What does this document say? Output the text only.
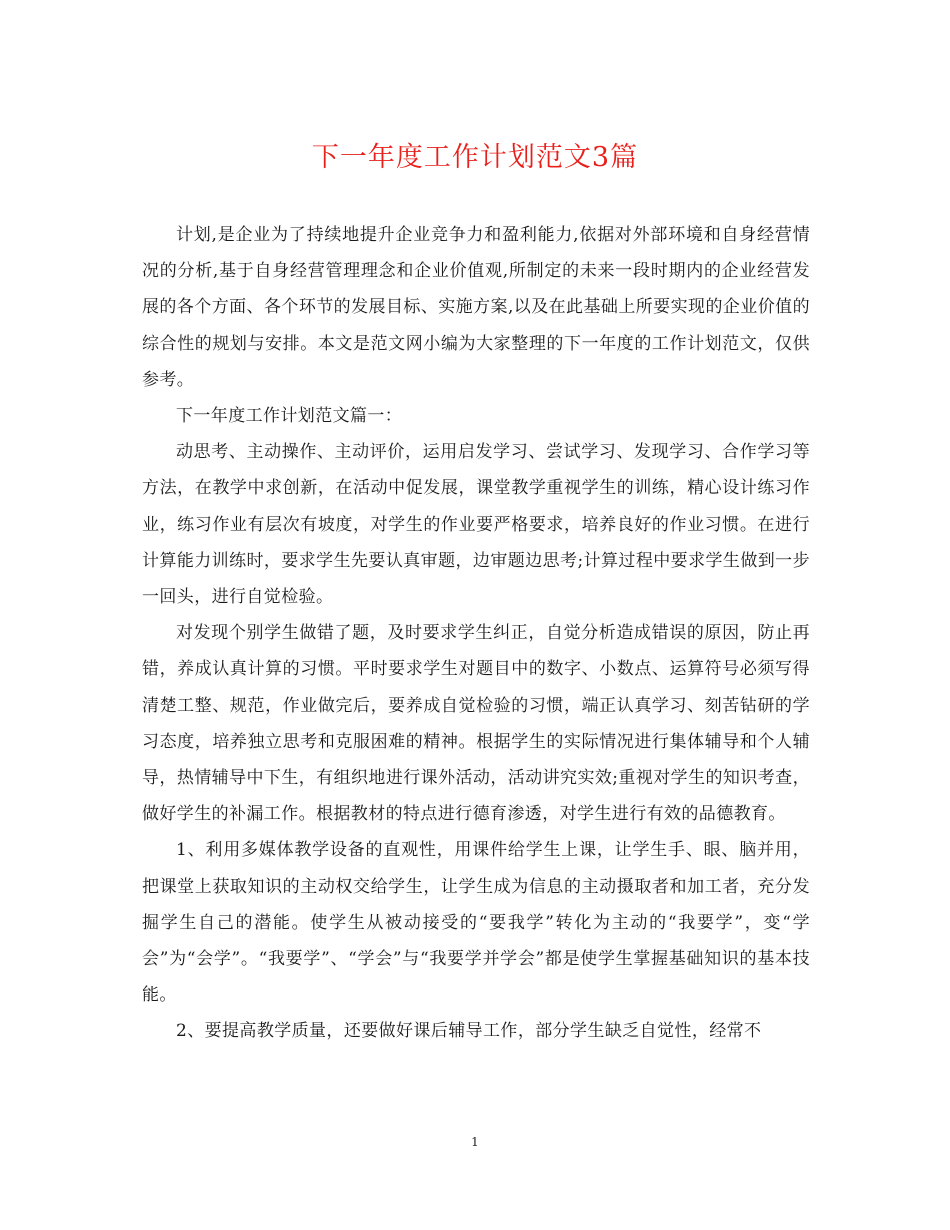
下一年度工作计划范文3篇

计划,是企业为了持续地提升企业竞争力和盈利能力,依据对外部环境和自身经营情况的分析,基于自身经营管理理念和企业价值观,所制定的未来一段时期内的企业经营发展的各个方面、各个环节的发展目标、实施方案,以及在此基础上所要实现的企业价值的综合性的规划与安排。本文是范文网小编为大家整理的下一年度的工作计划范文，仅供参考。

下一年度工作计划范文篇一：

动思考、主动操作、主动评价，运用启发学习、尝试学习、发现学习、合作学习等方法，在教学中求创新，在活动中促发展，课堂教学重视学生的训练，精心设计练习作业，练习作业有层次有坡度，对学生的作业要严格要求，培养良好的作业习惯。在进行计算能力训练时，要求学生先要认真审题，边审题边思考;计算过程中要求学生做到一步一回头，进行自觉检验。

对发现个别学生做错了题，及时要求学生纠正，自觉分析造成错误的原因，防止再错，养成认真计算的习惯。平时要求学生对题目中的数字、小数点、运算符号必须写得清楚工整、规范，作业做完后，要养成自觉检验的习惯，端正认真学习、刻苦钻研的学习态度，培养独立思考和克服困难的精神。根据学生的实际情况进行集体辅导和个人辅导，热情辅导中下生，有组织地进行课外活动，活动讲究实效;重视对学生的知识考查，做好学生的补漏工作。根据教材的特点进行德育渗透，对学生进行有效的品德教育。

1、利用多媒体教学设备的直观性，用课件给学生上课，让学生手、眼、脑并用，把课堂上获取知识的主动权交给学生，让学生成为信息的主动摄取者和加工者，充分发掘学生自己的潜能。使学生从被动接受的“要我学”转化为主动的“我要学”，变“学会”为“会学”。“我要学”、“学会”与“我要学并学会”都是使学生掌握基础知识的基本技能。

2、要提高教学质量，还要做好课后辅导工作，部分学生缺乏自觉性，经常不

1
